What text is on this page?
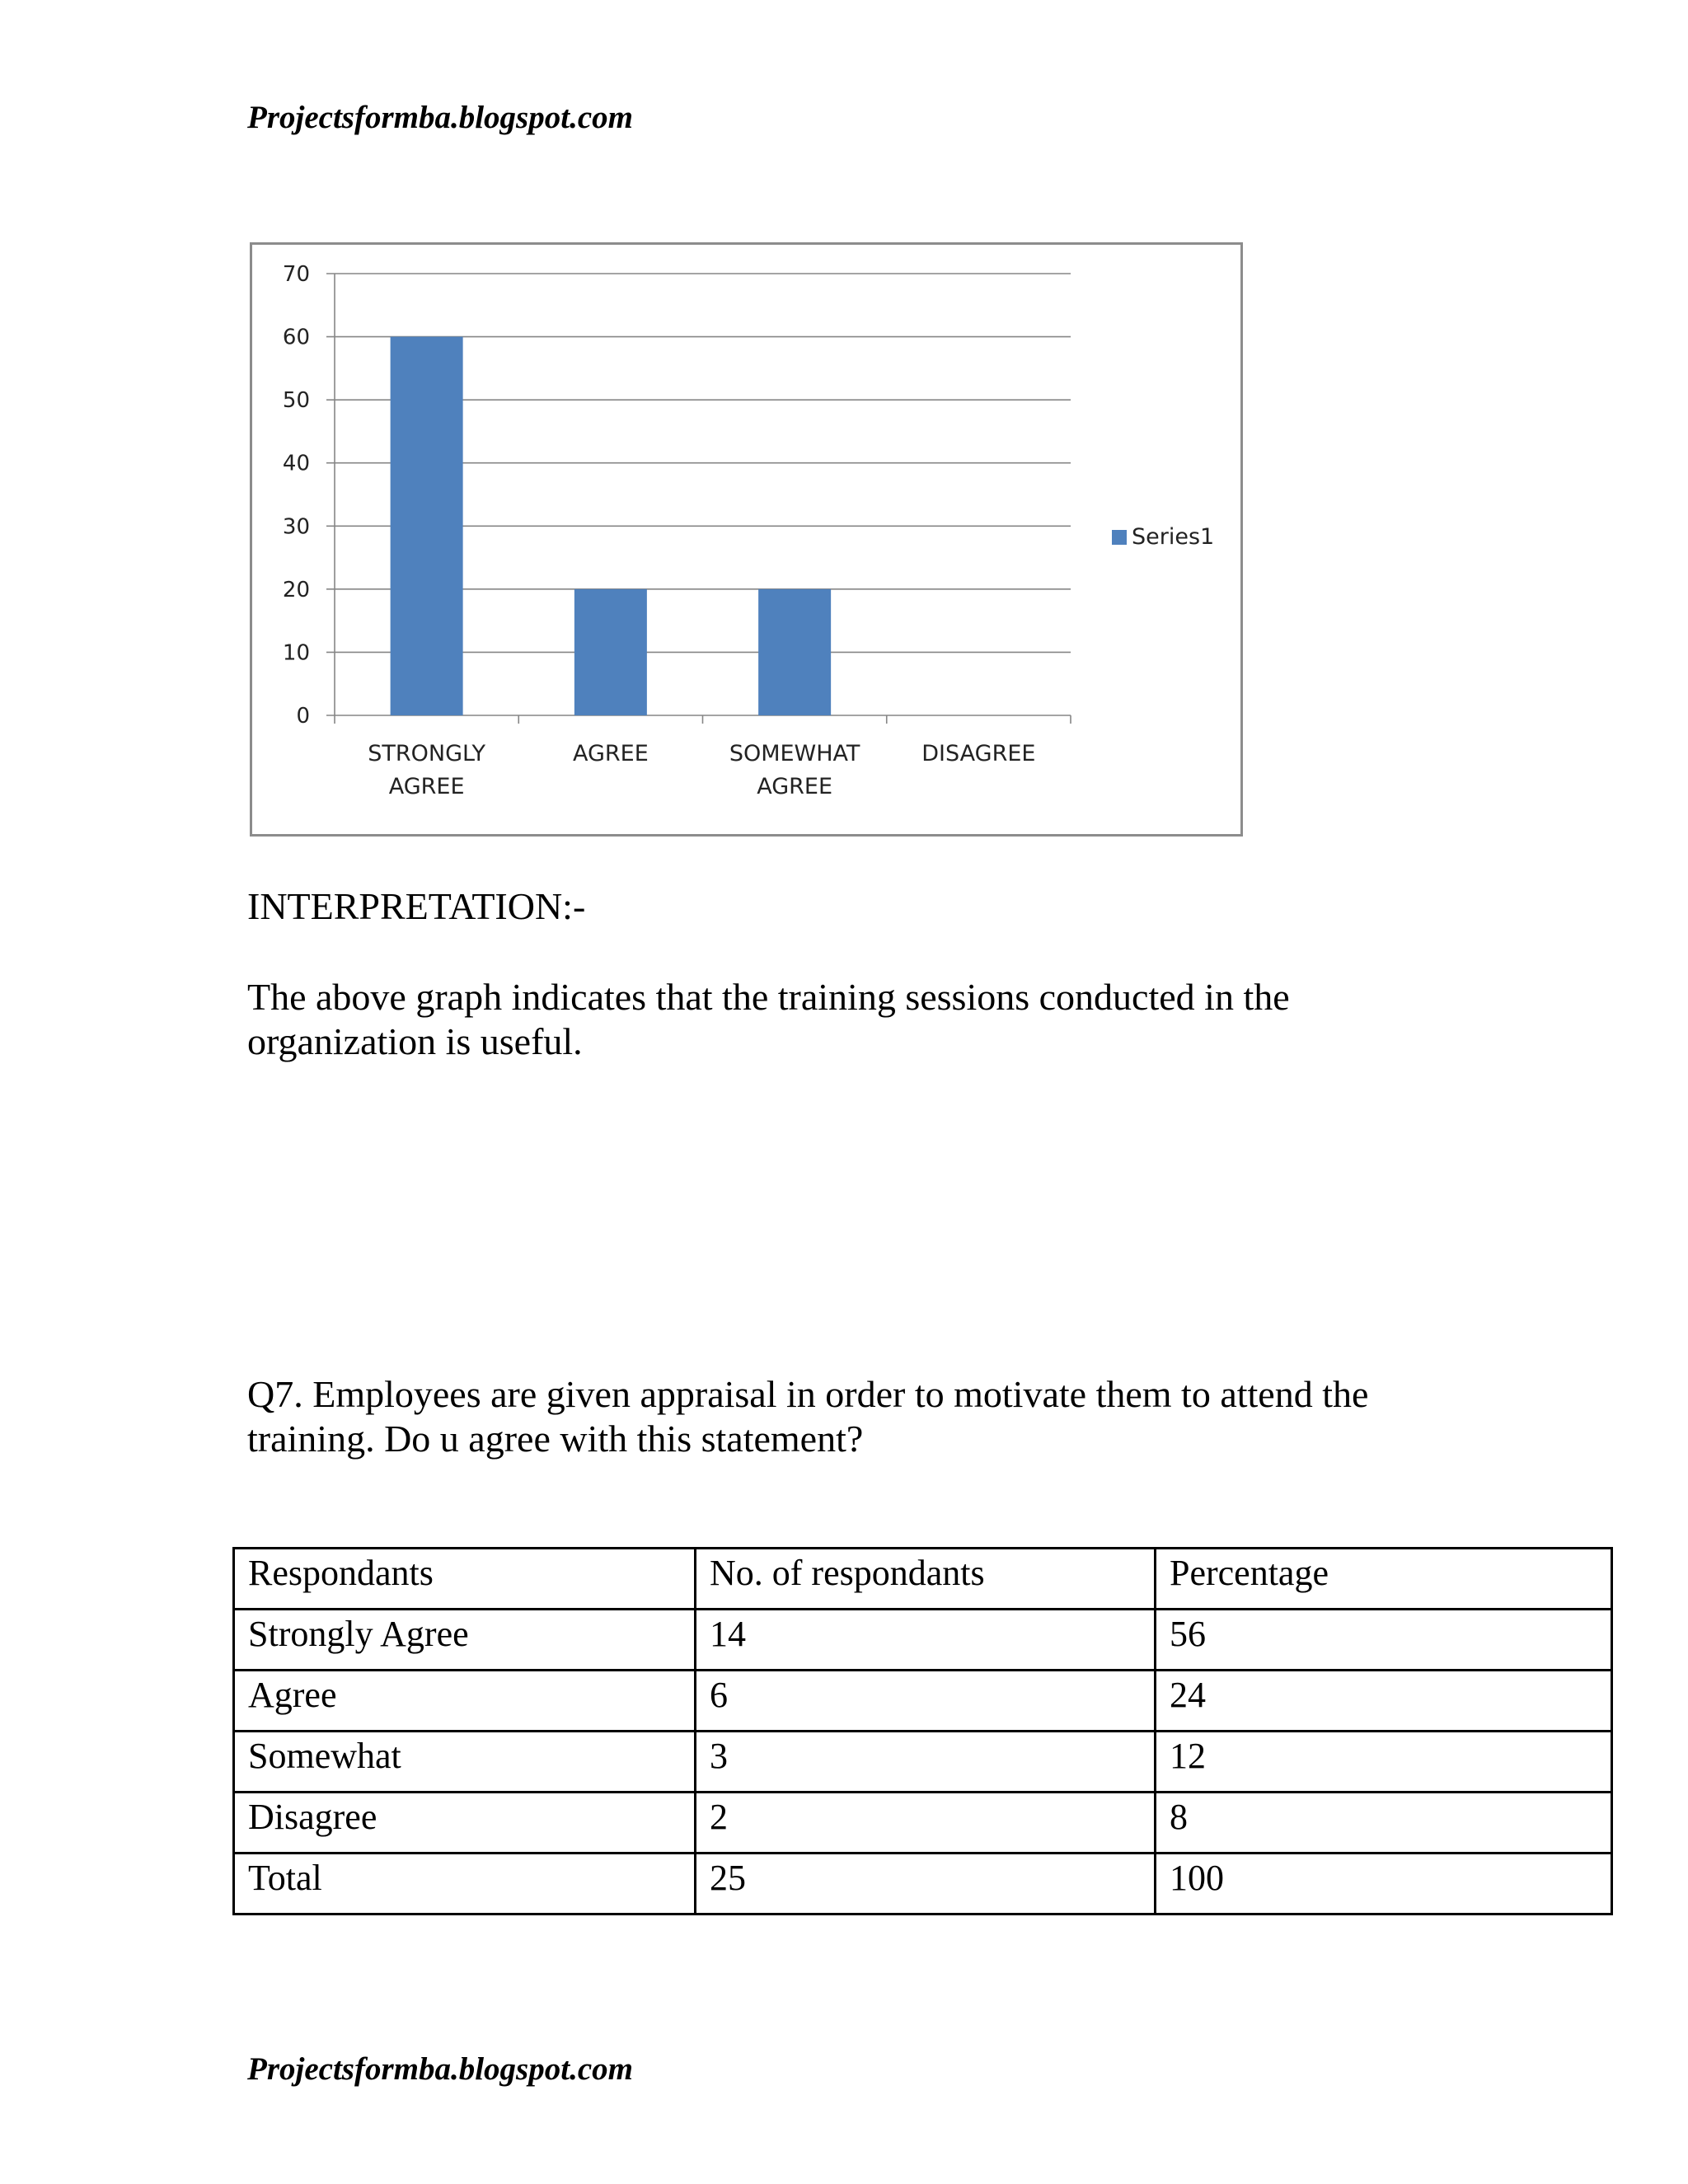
Projectsformba.blogspot.com
0
10
20
30
40
50
60
70
STRONGLY
AGREE
AGREE	SOMEWHAT
AGREE
DISAGREE
Series1
INTERPRETATION:-
The above graph indicates that the training sessions conducted in the organization is useful.
Q7. Employees are given appraisal in order to motivate them to attend the training. Do u agree with this statement?
Respondants	No. of respondants	Percentage
Strongly Agree	14	56
Agree	6	24
Somewhat	3	12
Disagree	2	8
Total	25	100
Projectsformba.blogspot.com
